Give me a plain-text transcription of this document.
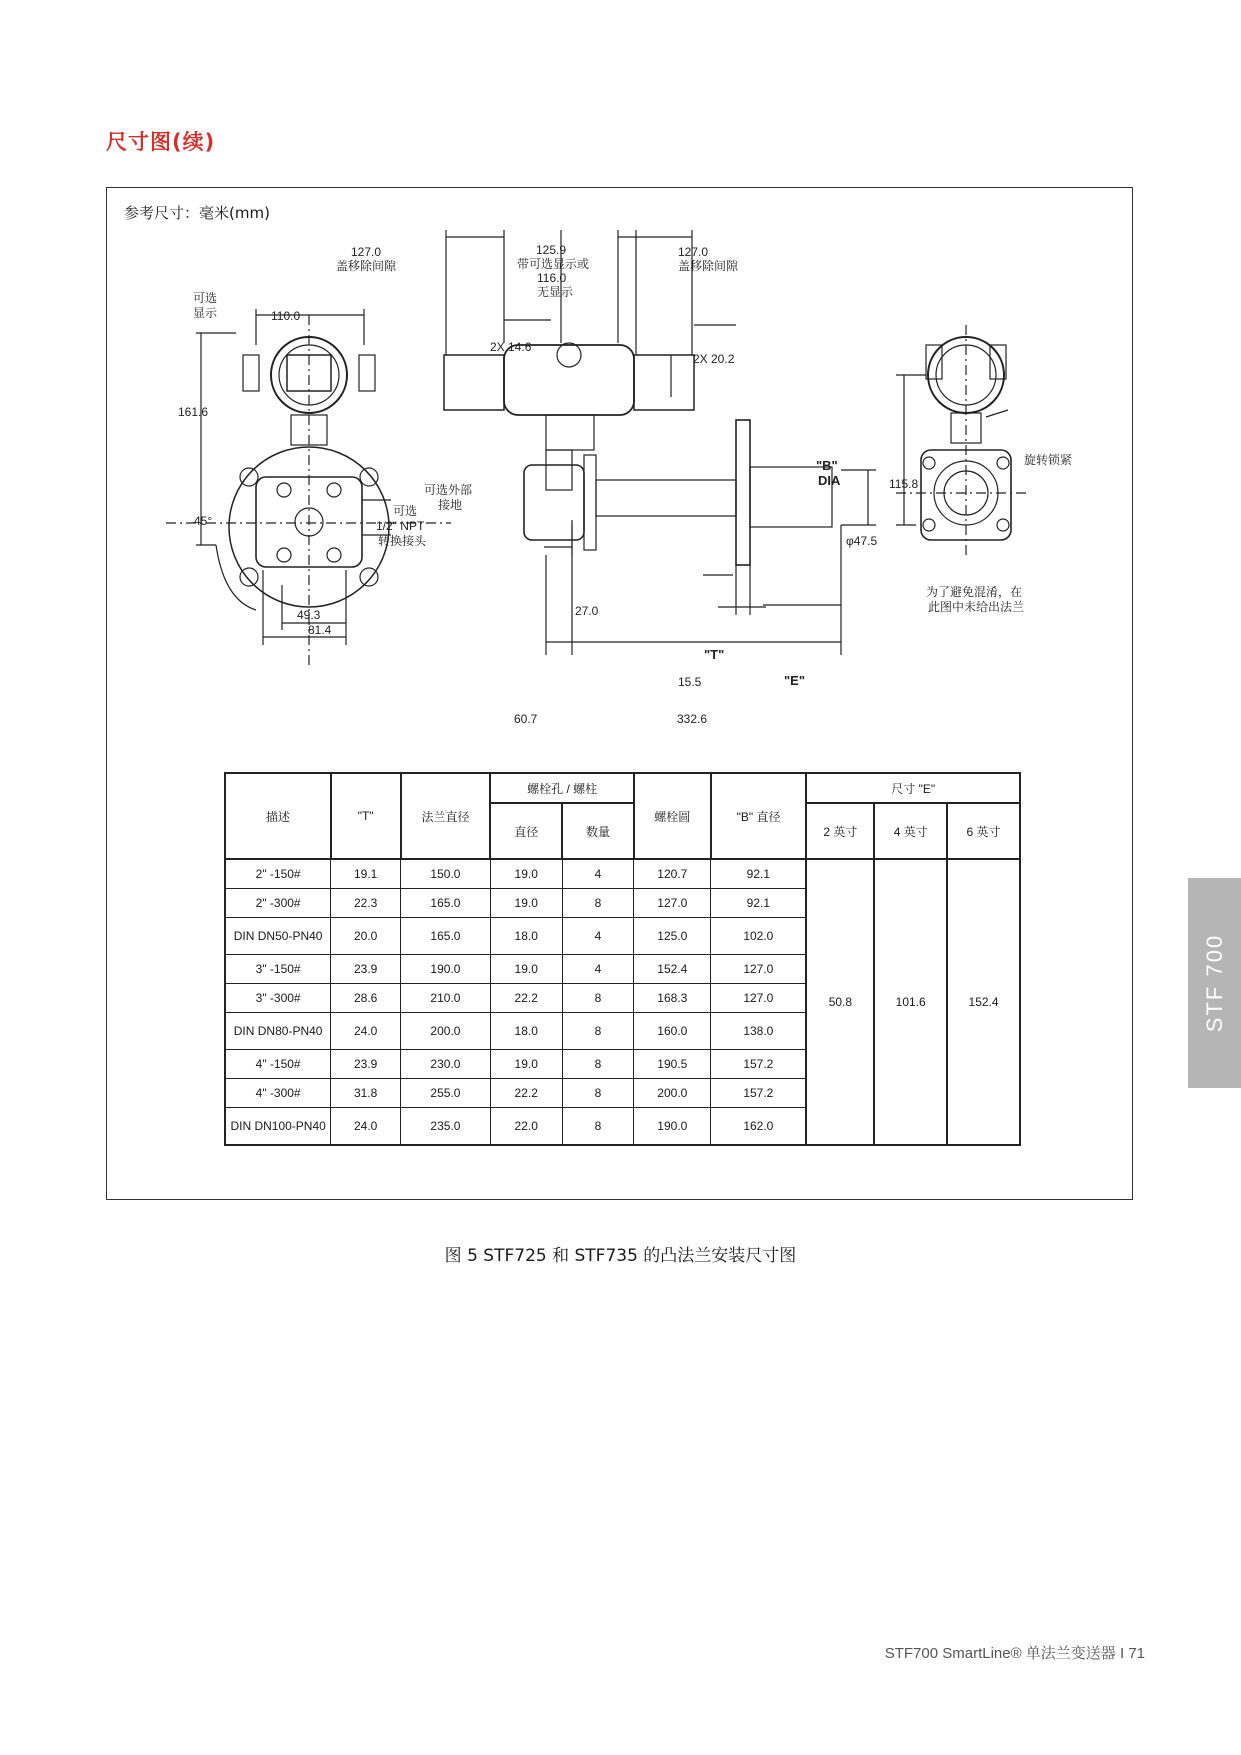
尺寸图(续)
参考尺寸：毫米(mm)
110.0
可选
显示
161.6
45°
49.3
81.4
可选
1/2" NPT
转换接头
127.0
盖移除间隙
125.9
带可选显示或
116.0
无显示
127.0
盖移除间隙
2X 14.6
2X 20.2
可选外部
接地
27.0
"T"
15.5	"E"
60.7	332.6
"B"
DIA
φ47.5
115.8
旋转锁紧
为了避免混淆，在
此图中未给出法兰
描述	"T"	法兰直径	螺栓孔 / 螺柱		螺栓圆	"B" 直径	尺寸 "E"		
			直径	数量			2 英寸	4 英寸	6 英寸
2" -150#	19.1	150.0	19.0	4	120.7	92.1	50.8	101.6	152.4
2" -300#	22.3	165.0	19.0	8	127.0	92.1			
DIN DN50-PN40	20.0	165.0	18.0	4	125.0	102.0			
3" -150#	23.9	190.0	19.0	4	152.4	127.0			
3" -300#	28.6	210.0	22.2	8	168.3	127.0			
DIN DN80-PN40	24.0	200.0	18.0	8	160.0	138.0			
4" -150#	23.9	230.0	19.0	8	190.5	157.2			
4" -300#	31.8	255.0	22.2	8	200.0	157.2			
DIN DN100-PN40	24.0	235.0	22.0	8	190.0	162.0			
图 5 STF725 和 STF735 的凸法兰安装尺寸图
STF 700
STF700 SmartLine® 单法兰变送器 I 71
